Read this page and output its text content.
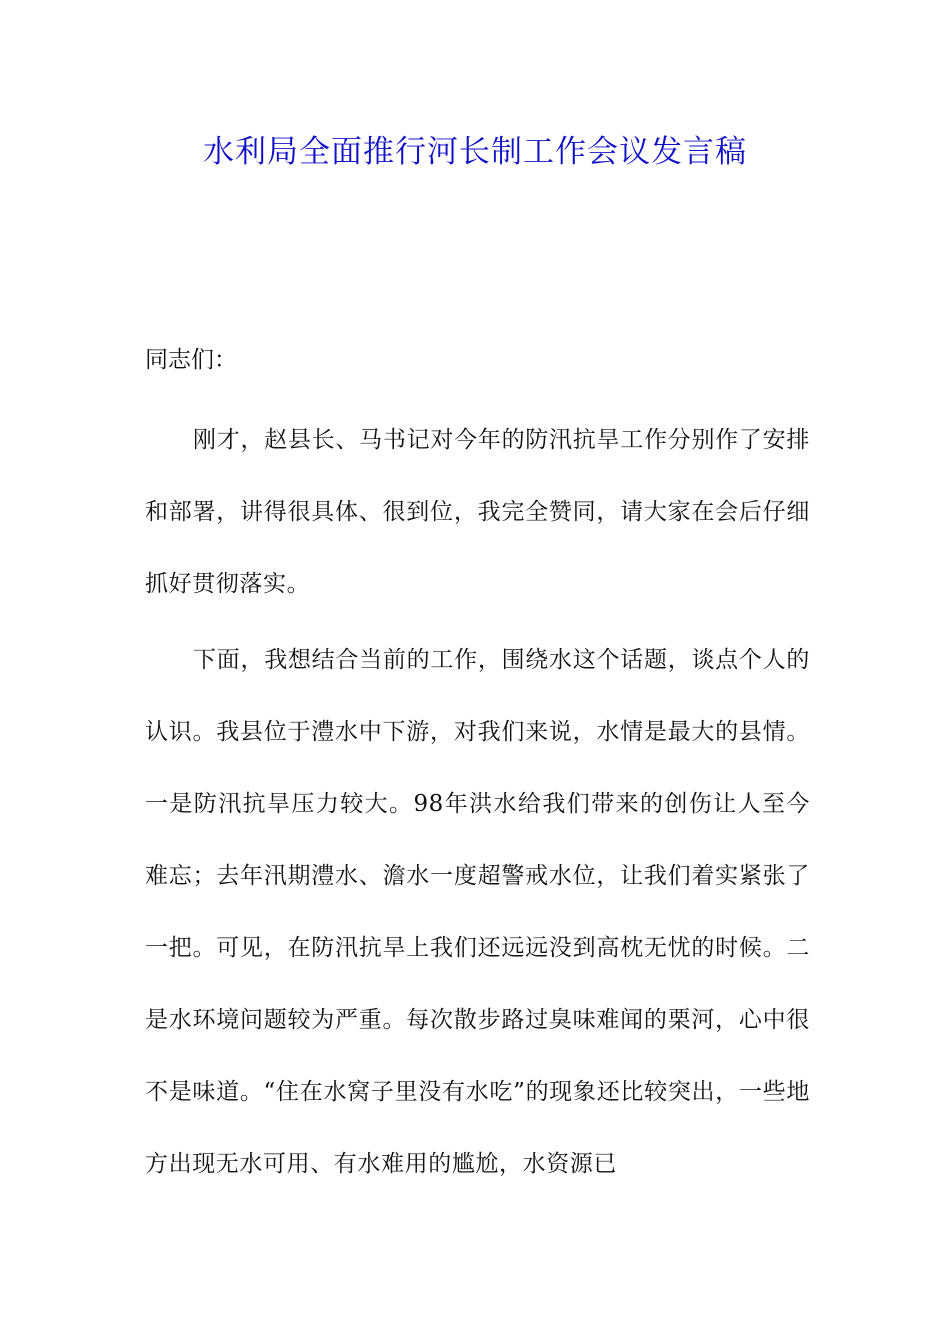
水利局全面推行河长制工作会议发言稿

同志们：

刚才，赵县长、马书记对今年的防汛抗旱工作分别作了安排和部署，讲得很具体、很到位，我完全赞同，请大家在会后仔细抓好贯彻落实。

下面，我想结合当前的工作，围绕水这个话题，谈点个人的认识。我县位于澧水中下游，对我们来说，水情是最大的县情。一是防汛抗旱压力较大。98年洪水给我们带来的创伤让人至今难忘；去年汛期澧水、澹水一度超警戒水位，让我们着实紧张了一把。可见，在防汛抗旱上我们还远远没到高枕无忧的时候。二是水环境问题较为严重。每次散步路过臭味难闻的栗河，心中很不是味道。“住在水窝子里没有水吃”的现象还比较突出，一些地方出现无水可用、有水难用的尴尬，水资源已
